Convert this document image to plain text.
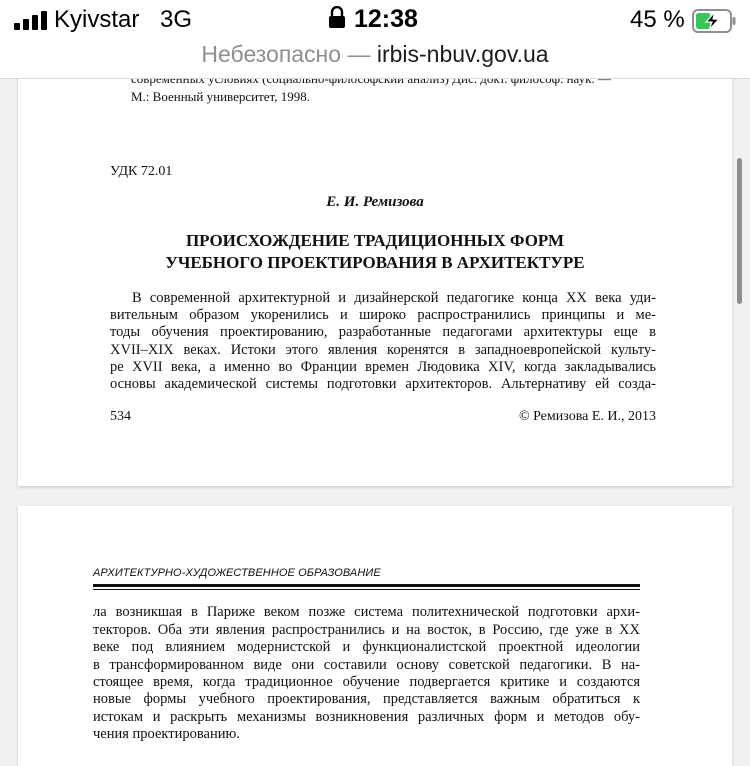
Kyivstar 3G	12:38	45 %
Небезопасно — irbis-nbuv.gov.ua
М.: Военный университет, 1998.
УДК 72.01
Е. И. Ремизова
ПРОИСХОЖДЕНИЕ ТРАДИЦИОННЫХ ФОРМ
УЧЕБНОГО ПРОЕКТИРОВАНИЯ В АРХИТЕКТУРЕ
В современной архитектурной и дизайнерской педагогике конца XX века уди-
вительным образом укоренились и широко распространились принципы и ме-
тоды обучения проектированию, разработанные педагогами архитектуры еще в
XVII–XIX веках. Истоки этого явления коренятся в западноевропейской культу-
ре XVII века, а именно во Франции времен Людовика XIV, когда закладывались
основы академической системы подготовки архитекторов. Альтернативу ей созда-
534	© Ремизова Е. И., 2013
АРХИТЕКТУРНО-ХУДОЖЕСТВЕННОЕ ОБРАЗОВАНИЕ
ла возникшая в Париже веком позже система политехнической подготовки архи-
текторов. Оба эти явления распространились и на восток, в Россию, где уже в XX
веке под влиянием модернистской и функционалистской проектной идеологии
в трансформированном виде они составили основу советской педагогики. В на-
стоящее время, когда традиционное обучение подвергается критике и создаются
новые формы учебного проектирования, представляется важным обратиться к
истокам и раскрыть механизмы возникновения различных форм и методов обу-
чения проектированию.
